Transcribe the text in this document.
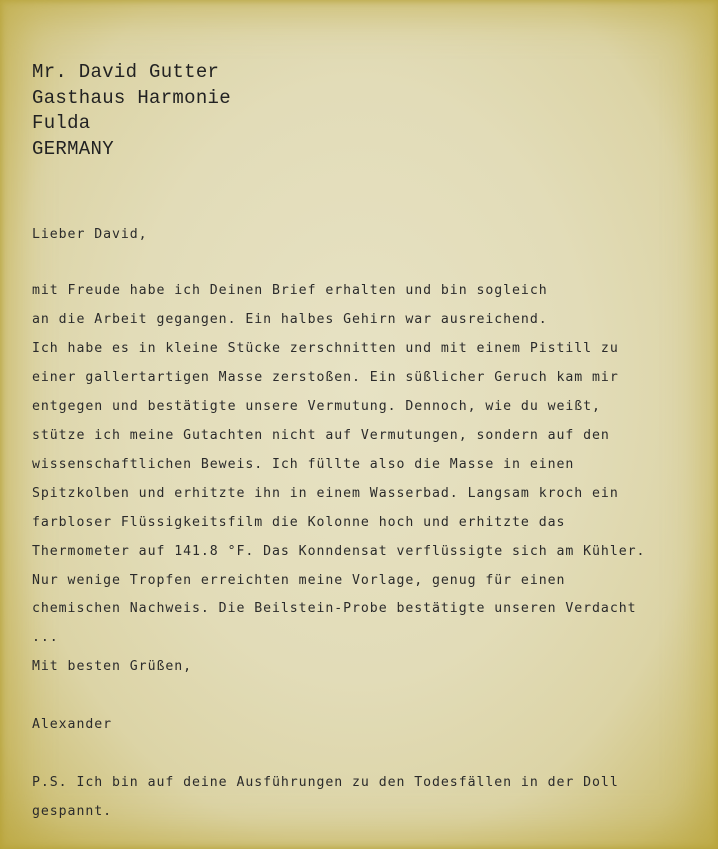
Mr. David Gutter
Gasthaus Harmonie
Fulda
GERMANY
Lieber David,
mit Freude habe ich Deinen Brief erhalten und bin sogleich
an die Arbeit gegangen. Ein halbes Gehirn war ausreichend.
Ich habe es in kleine Stücke zerschnitten und mit einem Pistill zu
einer gallertartigen Masse zerstoßen. Ein süßlicher Geruch kam mir
entgegen und bestätigte unsere Vermutung. Dennoch, wie du weißt,
stütze ich meine Gutachten nicht auf Vermutungen, sondern auf den
wissenschaftlichen Beweis. Ich füllte also die Masse in einen
Spitzkolben und erhitzte ihn in einem Wasserbad. Langsam kroch ein
farbloser Flüssigkeitsfilm die Kolonne hoch und erhitzte das
Thermometer auf 141.8 °F. Das Konndensat verflüssigte sich am Kühler.
Nur wenige Tropfen erreichten meine Vorlage, genug für einen
chemischen Nachweis. Die Beilstein-Probe bestätigte unseren Verdacht
...
Mit besten Grüßen,
Alexander
P.S. Ich bin auf deine Ausführungen zu den Todesfällen in der Doll
gespannt.
